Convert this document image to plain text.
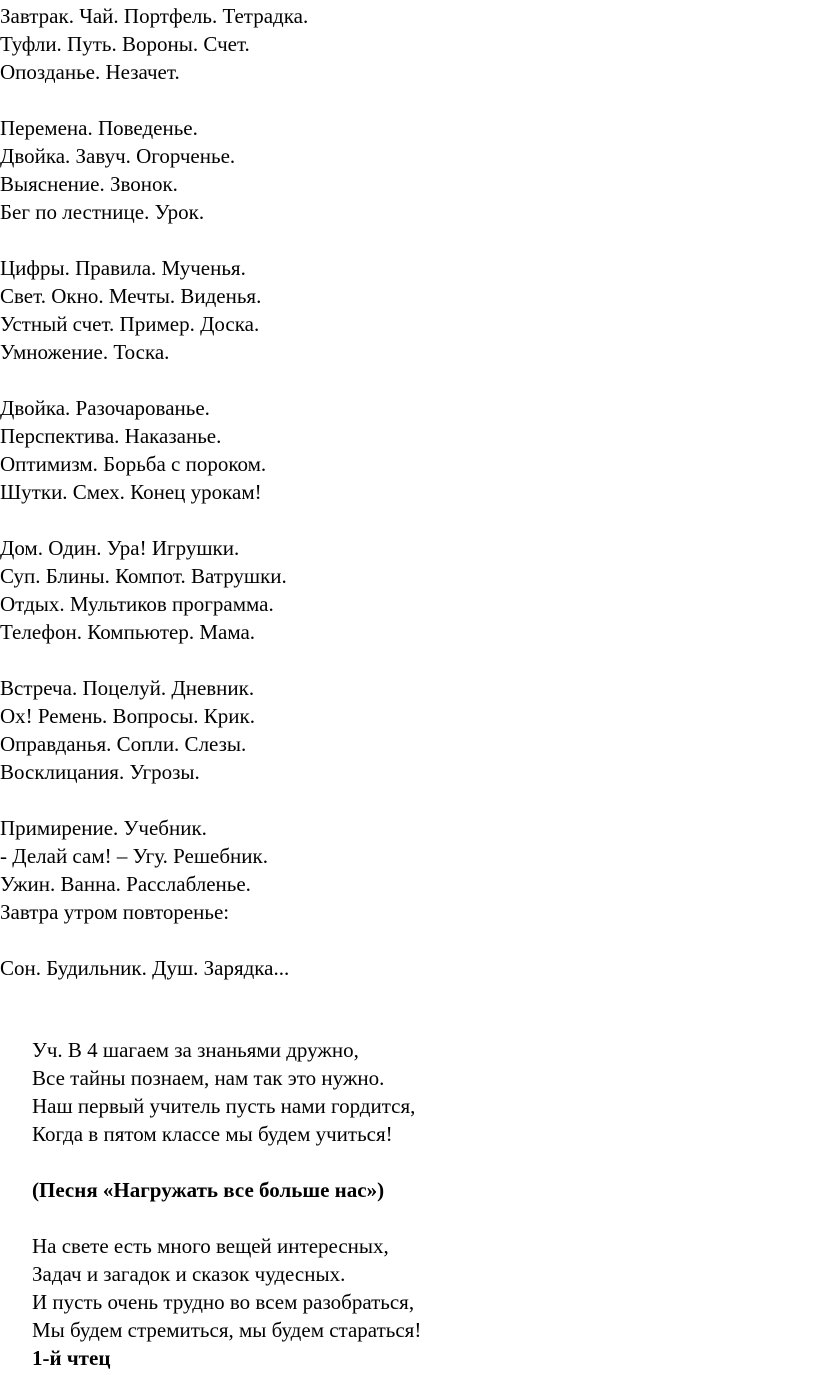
Завтрак. Чай. Портфель. Тетрадка.
Туфли. Путь. Вороны. Счет.
Опозданье. Незачет.
Перемена. Поведенье.
Двойка. Завуч. Огорченье.
Выяснение. Звонок.
Бег по лестнице. Урок.
Цифры. Правила. Мученья.
Свет. Окно. Мечты. Виденья.
Устный счет. Пример. Доска.
Умножение. Тоска.
Двойка. Разочарованье.
Перспектива. Наказанье.
Оптимизм. Борьба с пороком.
Шутки. Смех. Конец урокам!
Дом. Один. Ура! Игрушки.
Суп. Блины. Компот. Ватрушки.
Отдых. Мультиков программа.
Телефон. Компьютер. Мама.
Встреча. Поцелуй. Дневник.
Ох! Ремень. Вопросы. Крик.
Оправданья. Сопли. Слезы.
Восклицания. Угрозы.
Примирение. Учебник.
- Делай сам! – Угу. Решебник.
Ужин. Ванна. Расслабленье.
Завтра утром повторенье:
Сон. Будильник. Душ. Зарядка...
Уч. В 4 шагаем за знаньями дружно,
Все тайны познаем, нам так это нужно.
Наш первый учитель пусть нами гордится,
Когда в пятом классе мы будем учиться!
(Песня «Нагружать все больше нас»)
На свете есть много вещей интересных,
Задач и загадок и сказок чудесных.
И пусть очень трудно во всем разобраться,
Мы будем стремиться, мы будем стараться!
1-й чтец
